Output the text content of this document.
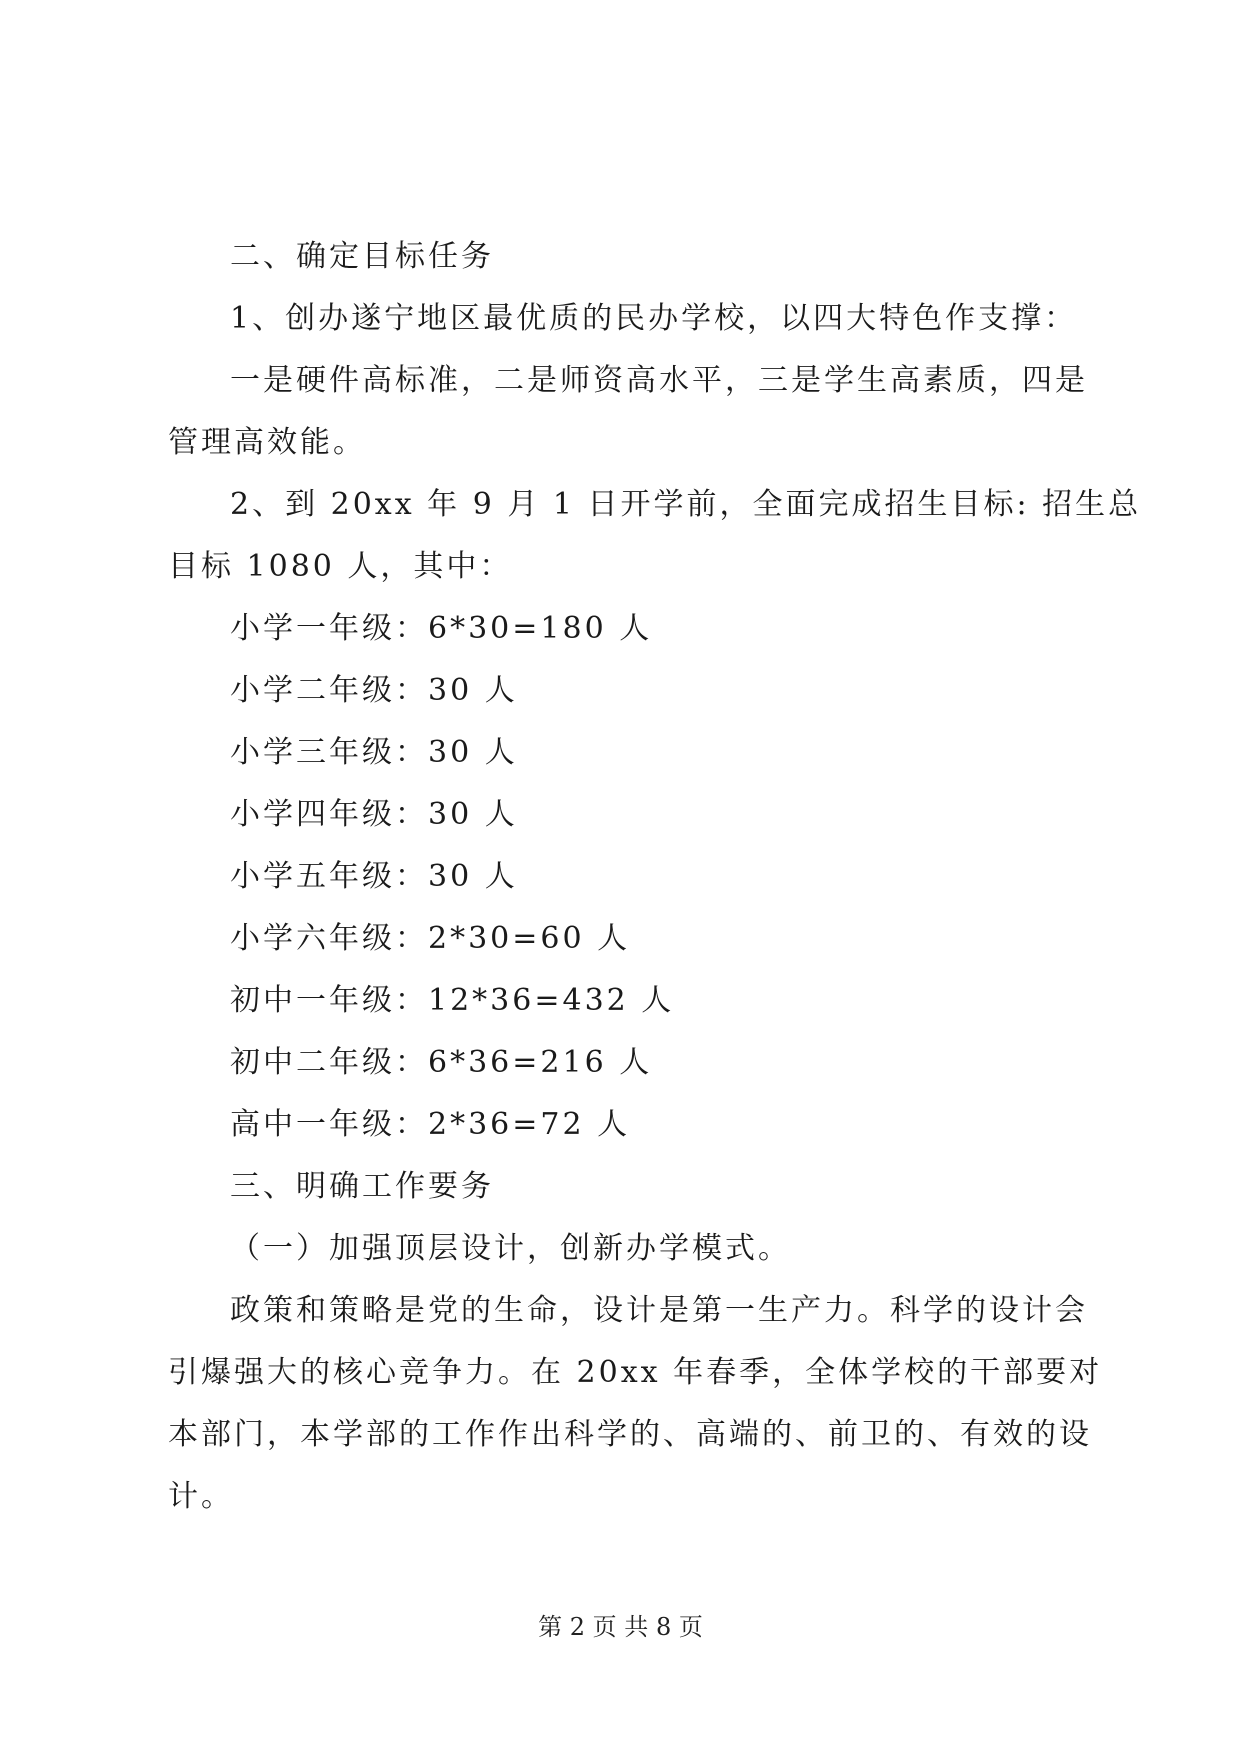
二、确定目标任务
1、创办遂宁地区最优质的民办学校，以四大特色作支撑：
一是硬件高标准，二是师资高水平，三是学生高素质，四是
管理高效能。
2、到 20xx 年 9 月 1 日开学前，全面完成招生目标: 招生总
目标 1080 人，其中：
小学一年级：6*30=180 人
小学二年级：30 人
小学三年级：30 人
小学四年级：30 人
小学五年级：30 人
小学六年级：2*30=60 人
初中一年级：12*36=432 人
初中二年级：6*36=216 人
高中一年级：2*36=72 人
三、明确工作要务
（一）加强顶层设计，创新办学模式。
政策和策略是党的生命，设计是第一生产力。科学的设计会
引爆强大的核心竞争力。在 20xx 年春季，全体学校的干部要对
本部门，本学部的工作作出科学的、高端的、前卫的、有效的设
计。
第 2 页 共 8 页
